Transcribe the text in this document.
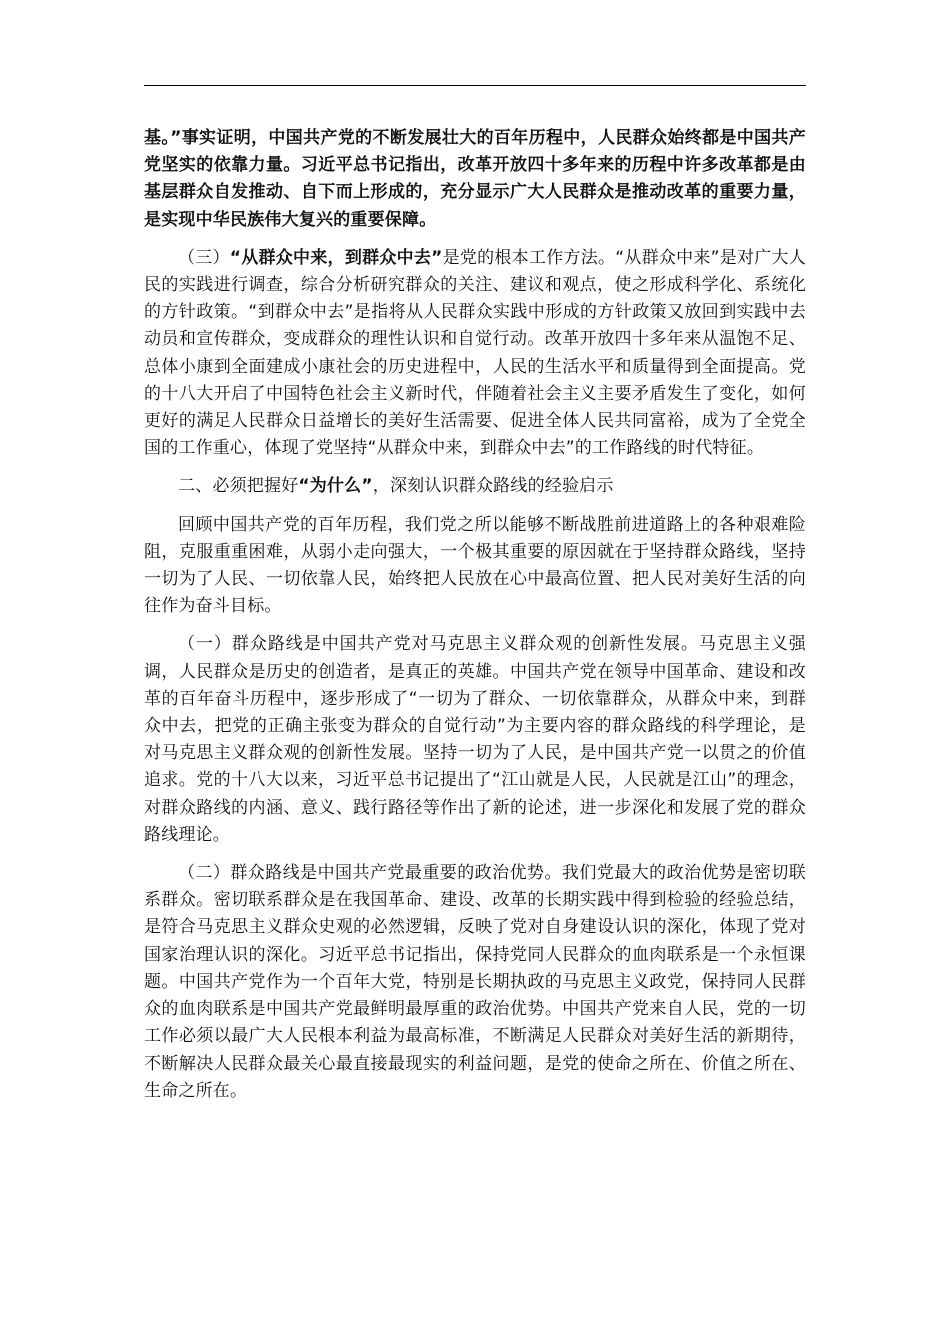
基。”事实证明，中国共产党的不断发展壮大的百年历程中，人民群众始终都是中国共产党坚实的依靠力量。习近平总书记指出，改革开放四十多年来的历程中许多改革都是由基层群众自发推动、自下而上形成的，充分显示广大人民群众是推动改革的重要力量，是实现中华民族伟大复兴的重要保障。

（三）“从群众中来，到群众中去”是党的根本工作方法。“从群众中来”是对广大人民的实践进行调查，综合分析研究群众的关注、建议和观点，使之形成科学化、系统化的方针政策。“到群众中去”是指将从人民群众实践中形成的方针政策又放回到实践中去动员和宣传群众，变成群众的理性认识和自觉行动。改革开放四十多年来从温饱不足、总体小康到全面建成小康社会的历史进程中，人民的生活水平和质量得到全面提高。党的十八大开启了中国特色社会主义新时代，伴随着社会主义主要矛盾发生了变化，如何更好的满足人民群众日益增长的美好生活需要、促进全体人民共同富裕，成为了全党全国的工作重心，体现了党坚持“从群众中来，到群众中去”的工作路线的时代特征。

二、必须把握好“为什么”，深刻认识群众路线的经验启示

回顾中国共产党的百年历程，我们党之所以能够不断战胜前进道路上的各种艰难险阻，克服重重困难，从弱小走向强大，一个极其重要的原因就在于坚持群众路线，坚持一切为了人民、一切依靠人民，始终把人民放在心中最高位置、把人民对美好生活的向往作为奋斗目标。

（一）群众路线是中国共产党对马克思主义群众观的创新性发展。马克思主义强调，人民群众是历史的创造者，是真正的英雄。中国共产党在领导中国革命、建设和改革的百年奋斗历程中，逐步形成了“一切为了群众、一切依靠群众，从群众中来，到群众中去，把党的正确主张变为群众的自觉行动”为主要内容的群众路线的科学理论，是对马克思主义群众观的创新性发展。坚持一切为了人民，是中国共产党一以贯之的价值追求。党的十八大以来，习近平总书记提出了“江山就是人民，人民就是江山”的理念，对群众路线的内涵、意义、践行路径等作出了新的论述，进一步深化和发展了党的群众路线理论。

（二）群众路线是中国共产党最重要的政治优势。我们党最大的政治优势是密切联系群众。密切联系群众是在我国革命、建设、改革的长期实践中得到检验的经验总结，是符合马克思主义群众史观的必然逻辑，反映了党对自身建设认识的深化，体现了党对国家治理认识的深化。习近平总书记指出，保持党同人民群众的血肉联系是一个永恒课题。中国共产党作为一个百年大党，特别是长期执政的马克思主义政党，保持同人民群众的血肉联系是中国共产党最鲜明最厚重的政治优势。中国共产党来自人民，党的一切工作必须以最广大人民根本利益为最高标准，不断满足人民群众对美好生活的新期待，不断解决人民群众最关心最直接最现实的利益问题，是党的使命之所在、价值之所在、生命之所在。
